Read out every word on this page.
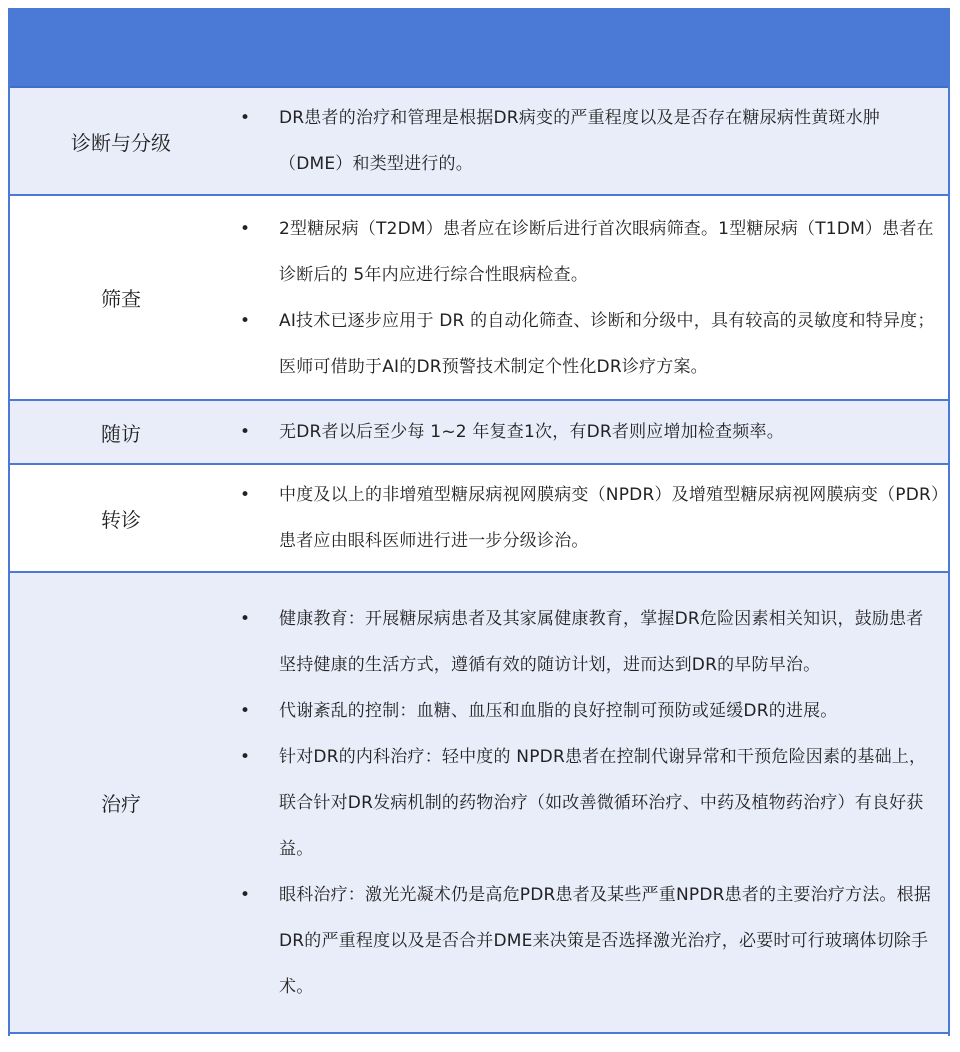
诊断与分级
• DR患者的治疗和管理是根据DR病变的严重程度以及是否存在糖尿病性黄斑水肿（DME）和类型进行的。
筛查
• 2型糖尿病（T2DM）患者应在诊断后进行首次眼病筛查。1型糖尿病（T1DM）患者在诊断后的 5年内应进行综合性眼病检查。
• AI技术已逐步应用于 DR 的自动化筛查、诊断和分级中，具有较高的灵敏度和特异度；医师可借助于AI的DR预警技术制定个性化DR诊疗方案。
随访	• 无DR者以后至少每 1~2 年复查1次，有DR者则应增加检查频率。
转诊
• 中度及以上的非增殖型糖尿病视网膜病变（NPDR）及增殖型糖尿病视网膜病变（PDR）患者应由眼科医师进行进一步分级诊治。
治疗
• 健康教育：开展糖尿病患者及其家属健康教育，掌握DR危险因素相关知识，鼓励患者坚持健康的生活方式，遵循有效的随访计划，进而达到DR的早防早治。
• 代谢紊乱的控制：血糖、血压和血脂的良好控制可预防或延缓DR的进展。
• 针对DR的内科治疗：轻中度的 NPDR患者在控制代谢异常和干预危险因素的基础上，联合针对DR发病机制的药物治疗（如改善微循环治疗、中药及植物药治疗）有良好获益。
• 眼科治疗：激光光凝术仍是高危PDR患者及某些严重NPDR患者的主要治疗方法。根据DR的严重程度以及是否合并DME来决策是否选择激光治疗，必要时可行玻璃体切除手术。
